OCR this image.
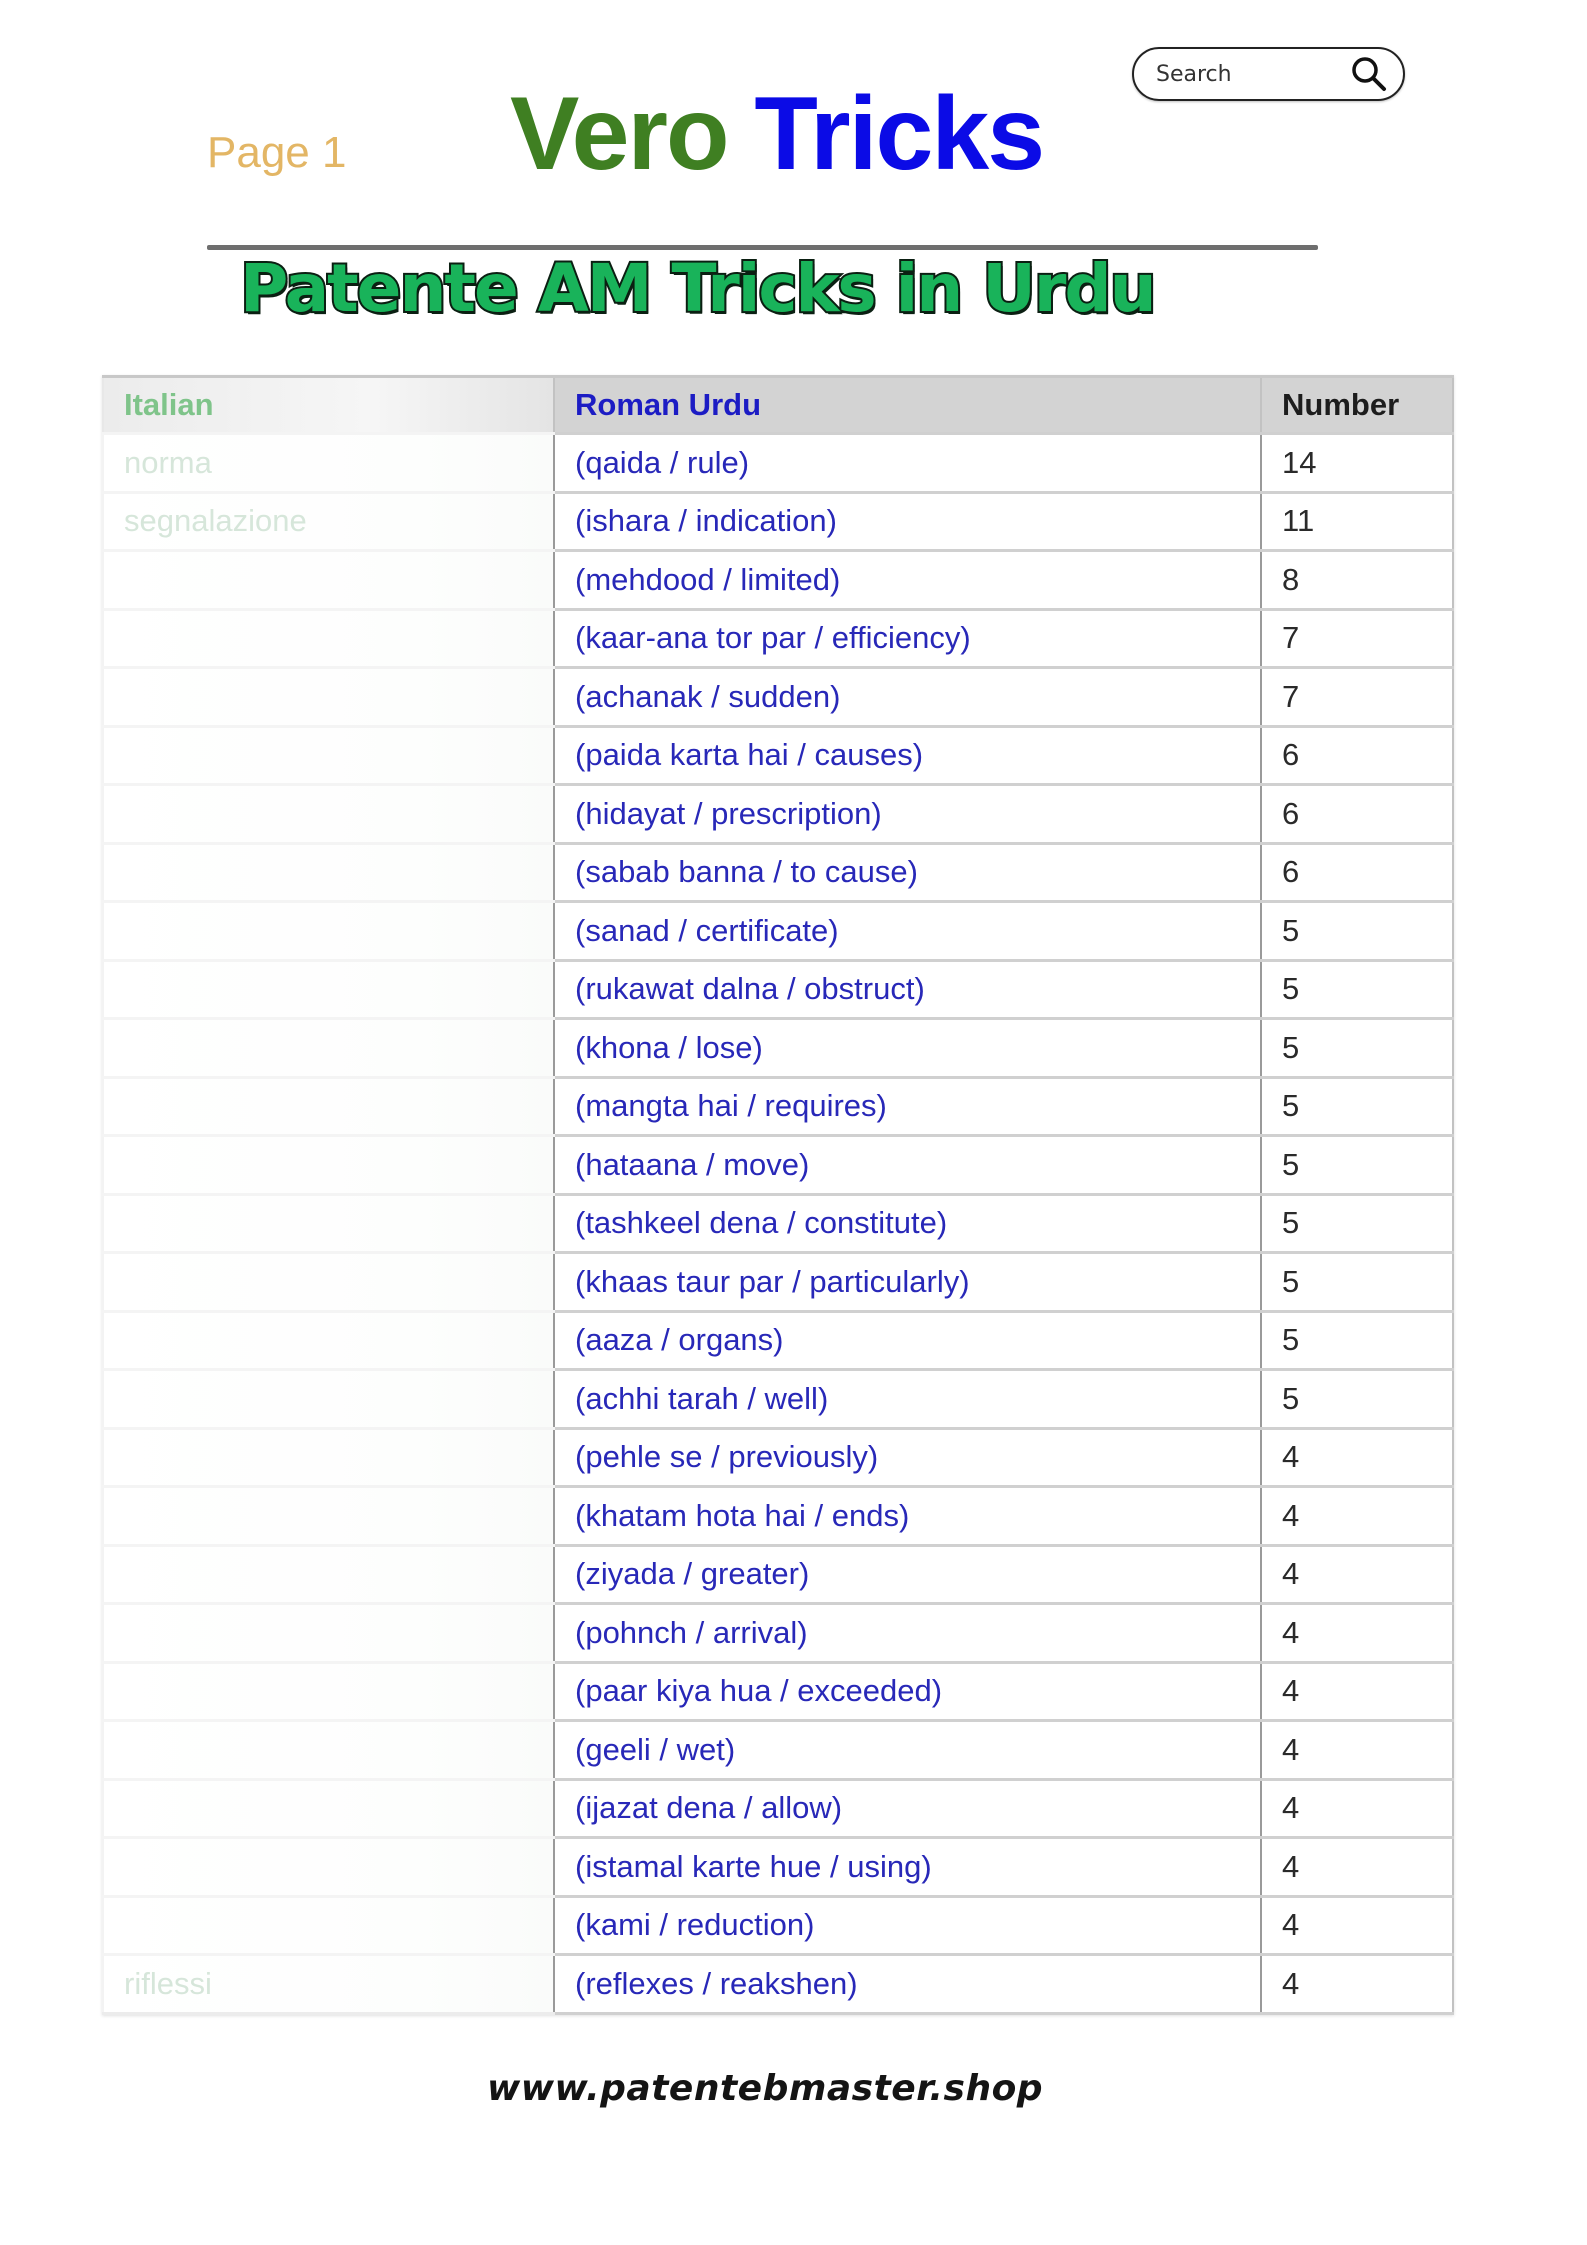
Page 1 Vero Tricks
Search
Patente AM Tricks in Urdu
Italian	Roman Urdu	Number
norma	(qaida / rule)	14
segnalazione	(ishara / indication)	11
	(mehdood / limited)	8
	(kaar-ana tor par / efficiency)	7
	(achanak / sudden)	7
	(paida karta hai / causes)	6
	(hidayat / prescription)	6
	(sabab banna / to cause)	6
	(sanad / certificate)	5
	(rukawat dalna / obstruct)	5
	(khona / lose)	5
	(mangta hai / requires)	5
	(hataana / move)	5
	(tashkeel dena / constitute)	5
	(khaas taur par / particularly)	5
	(aaza / organs)	5
	(achhi tarah / well)	5
	(pehle se / previously)	4
	(khatam hota hai / ends)	4
	(ziyada / greater)	4
	(pohnch / arrival)	4
	(paar kiya hua / exceeded)	4
	(geeli / wet)	4
	(ijazat dena / allow)	4
	(istamal karte hue / using)	4
	(kami / reduction)	4
riflessi	(reflexes / reakshen)	4
www.patentebmaster.shop
